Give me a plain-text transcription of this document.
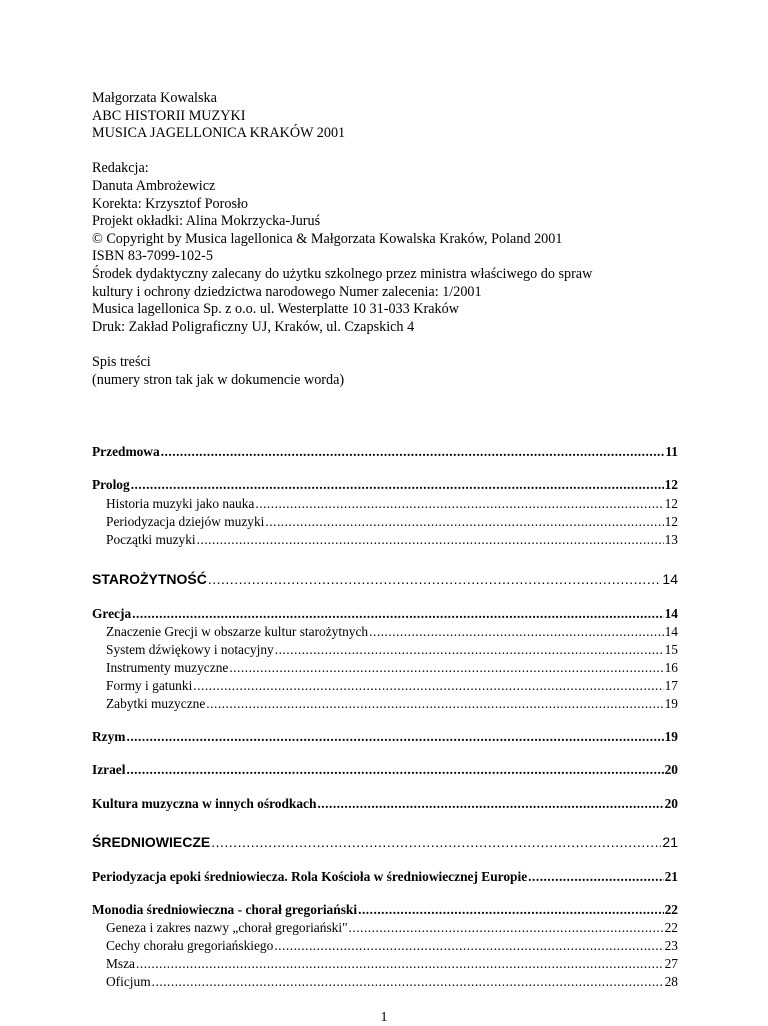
Małgorzata Kowalska
ABC HISTORII MUZYKI
MUSICA JAGELLONICA KRAKÓW 2001
Redakcja:
Danuta Ambrożewicz
Korekta: Krzysztof Porosło
Projekt okładki: Alina Mokrzycka-Juruś
© Copyright by Musica lagellonica & Małgorzata Kowalska Kraków, Poland 2001
ISBN 83-7099-102-5
Środek dydaktyczny zalecany do użytku szkolnego przez ministra właściwego do spraw
kultury i ochrony dziedzictwa narodowego Numer zalecenia: 1/2001
Musica lagellonica Sp. z o.o. ul. Westerplatte 10 31-033 Kraków
Druk: Zakład Poligraficzny UJ, Kraków, ul. Czapskich 4
Spis treści
(numery stron tak jak w dokumencie worda)
Przedmowa .....	11
Prolog .....	12
Historia muzyki jako nauka .....	12
Periodyzacja dziejów muzyki .....	12
Początki muzyki .....	13
STAROŻYTNOŚĆ .....	14
Grecja .....	14
Znaczenie Grecji w obszarze kultur starożytnych .....	14
System dźwiękowy i notacyjny .....	15
Instrumenty muzyczne .....	16
Formy i gatunki .....	17
Zabytki muzyczne .....	19
Rzym .....	19
Izrael .....	20
Kultura muzyczna w innych ośrodkach .....	20
ŚREDNIOWIECZE .....	21
Periodyzacja epoki średniowiecza. Rola Kościoła w średniowiecznej Europie .....	21
Monodia średniowieczna - chorał gregoriański .....	22
Geneza i zakres nazwy „chorał gregoriański" .....	22
Cechy chorału gregoriańskiego .....	23
Msza .....	27
Oficjum .....	28
1
